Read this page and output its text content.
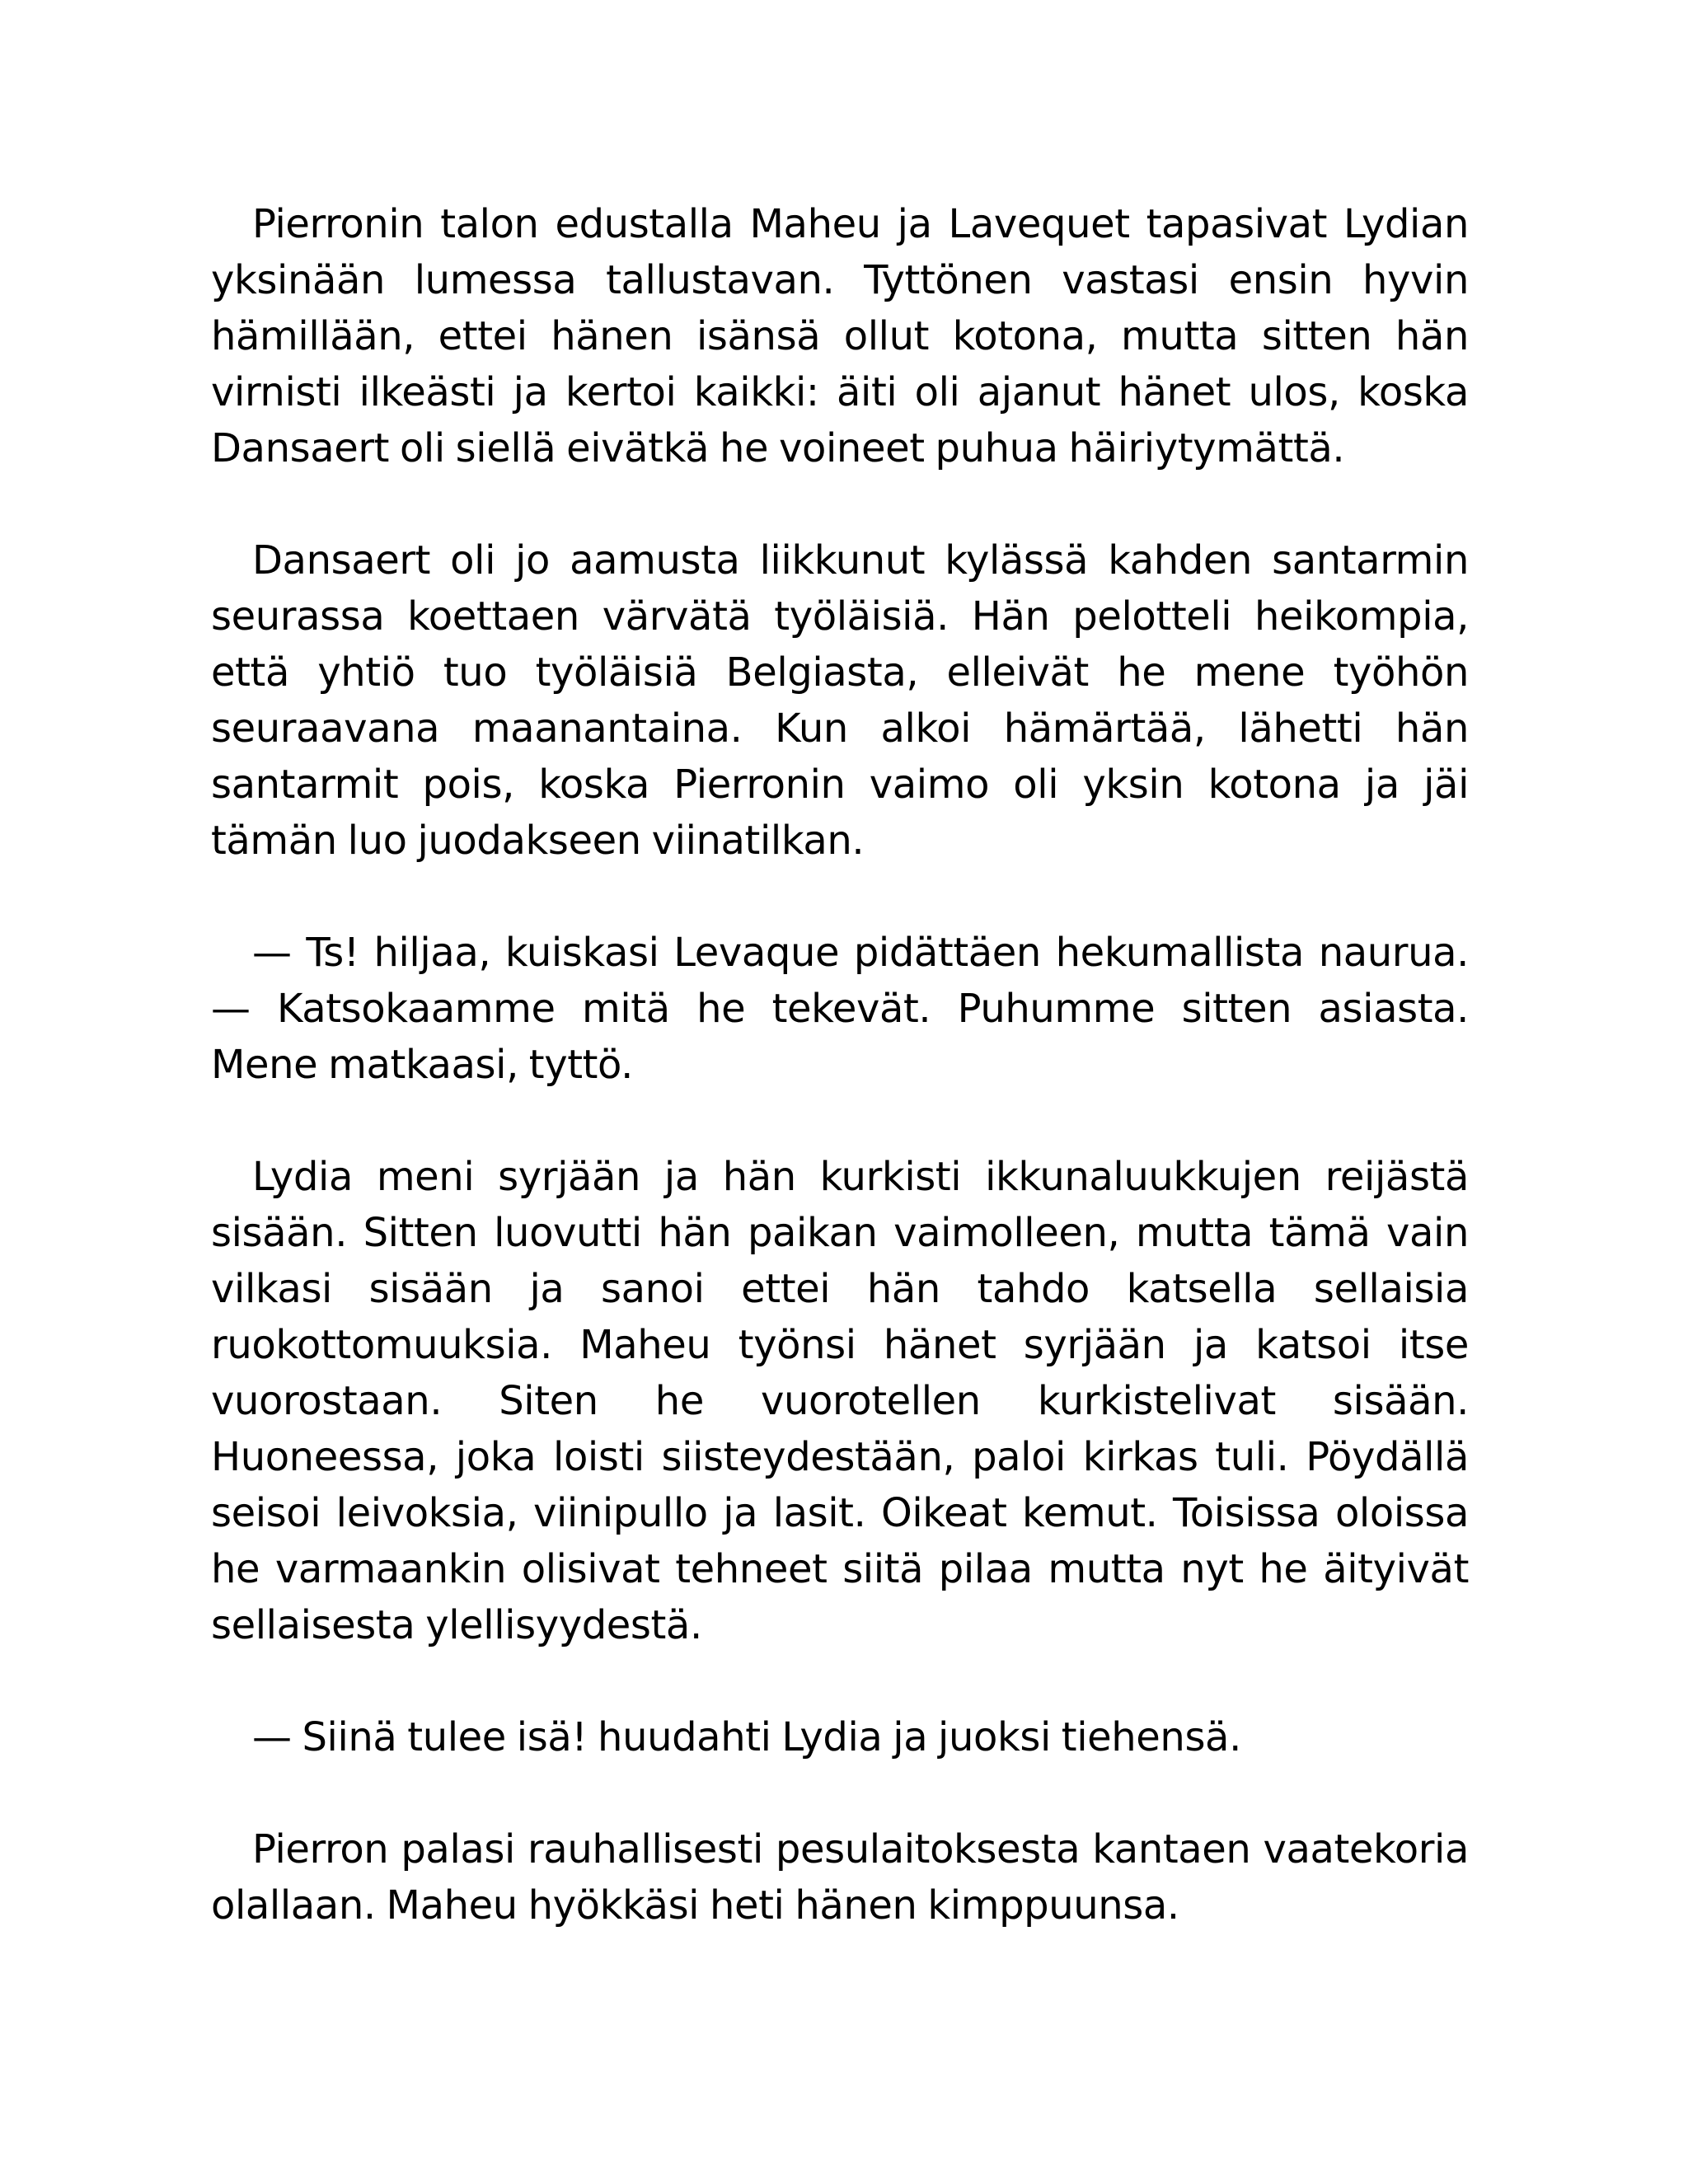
Pierronin talon edustalla Maheu ja Lavequet tapasivat Lydian yksinään lumessa tallustavan. Tyttönen vastasi ensin hyvin hämillään, ettei hänen isänsä ollut kotona, mutta sitten hän virnisti ilkeästi ja kertoi kaikki: äiti oli ajanut hänet ulos, koska Dansaert oli siellä eivätkä he voineet puhua häiriytymättä.

Dansaert oli jo aamusta liikkunut kylässä kahden santarmin seurassa koettaen värvätä työläisiä. Hän pelotteli heikompia, että yhtiö tuo työläisiä Belgiasta, elleivät he mene työhön seuraavana maanantaina. Kun alkoi hämärtää, lähetti hän santarmit pois, koska Pierronin vaimo oli yksin kotona ja jäi tämän luo juodakseen viinatilkan.

— Ts! hiljaa, kuiskasi Levaque pidättäen hekumallista naurua. — Katsokaamme mitä he tekevät. Puhumme sitten asiasta. Mene matkaasi, tyttö.

Lydia meni syrjään ja hän kurkisti ikkunaluukkujen reijästä sisään. Sitten luovutti hän paikan vaimolleen, mutta tämä vain vilkasi sisään ja sanoi ettei hän tahdo katsella sellaisia ruokottomuuksia. Maheu työnsi hänet syrjään ja katsoi itse vuorostaan. Siten he vuorotellen kurkistelivat sisään. Huoneessa, joka loisti siisteydestään, paloi kirkas tuli. Pöydällä seisoi leivoksia, viinipullo ja lasit. Oikeat kemut. Toisissa oloissa he varmaankin olisivat tehneet siitä pilaa mutta nyt he äityivät sellaisesta ylellisyydestä.

— Siinä tulee isä! huudahti Lydia ja juoksi tiehensä.

Pierron palasi rauhallisesti pesulaitoksesta kantaen vaatekoria olallaan. Maheu hyökkäsi heti hänen kimppuunsa.
